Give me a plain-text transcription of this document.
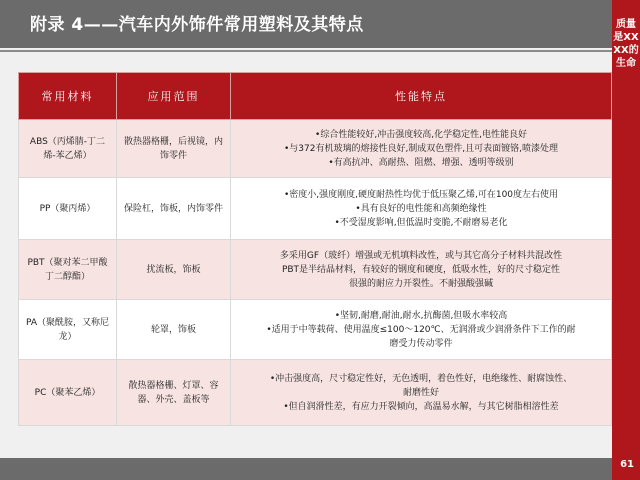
附录 4——汽车内外饰件常用塑料及其特点	质量是XXXX的生命
61
常用材料	应用范围	性能特点
ABS（丙烯腈-丁二烯-苯乙烯）	散热器格栅，后视镜，内饰零件	•综合性能较好,冲击强度较高,化学稳定性,电性能良好
•与372有机玻璃的熔接性良好,制成双色塑件,且可表面镀铬,喷漆处理
•有高抗冲、高耐热、阻燃、增强、透明等级别

PP（聚丙烯）	保险杠，饰板，内饰零件	•密度小,强度刚度,硬度耐热性均优于低压聚乙烯,可在100度左右使用
•具有良好的电性能和高频绝缘性
•不受湿度影响,但低温时变脆,不耐磨易老化

PBT（聚对苯二甲酸丁二醇酯）	扰流板，饰板	多采用GF（玻纤）增强或无机填料改性，或与其它高分子材料共混改性
PBT是半结晶材料，有较好的钢度和硬度，低吸水性，好的尺寸稳定性
很强的耐应力开裂性。不耐强酸强碱

PA（聚酰胺，又称尼龙）	轮罩，饰板	•坚韧,耐磨,耐油,耐水,抗酶菌,但吸水率较高
•适用于中等载荷、使用温度≤100～120℃、无润滑或少润滑条件下工作的耐
磨受力传动零件

PC（聚苯乙烯）	散热器格栅、灯罩、容器、外壳、盖板等	•冲击强度高，尺寸稳定性好，无色透明，着色性好，电绝缘性、耐腐蚀性、
耐磨性好
•但自润滑性差，有应力开裂倾向，高温易水解，与其它树脂相溶性差
